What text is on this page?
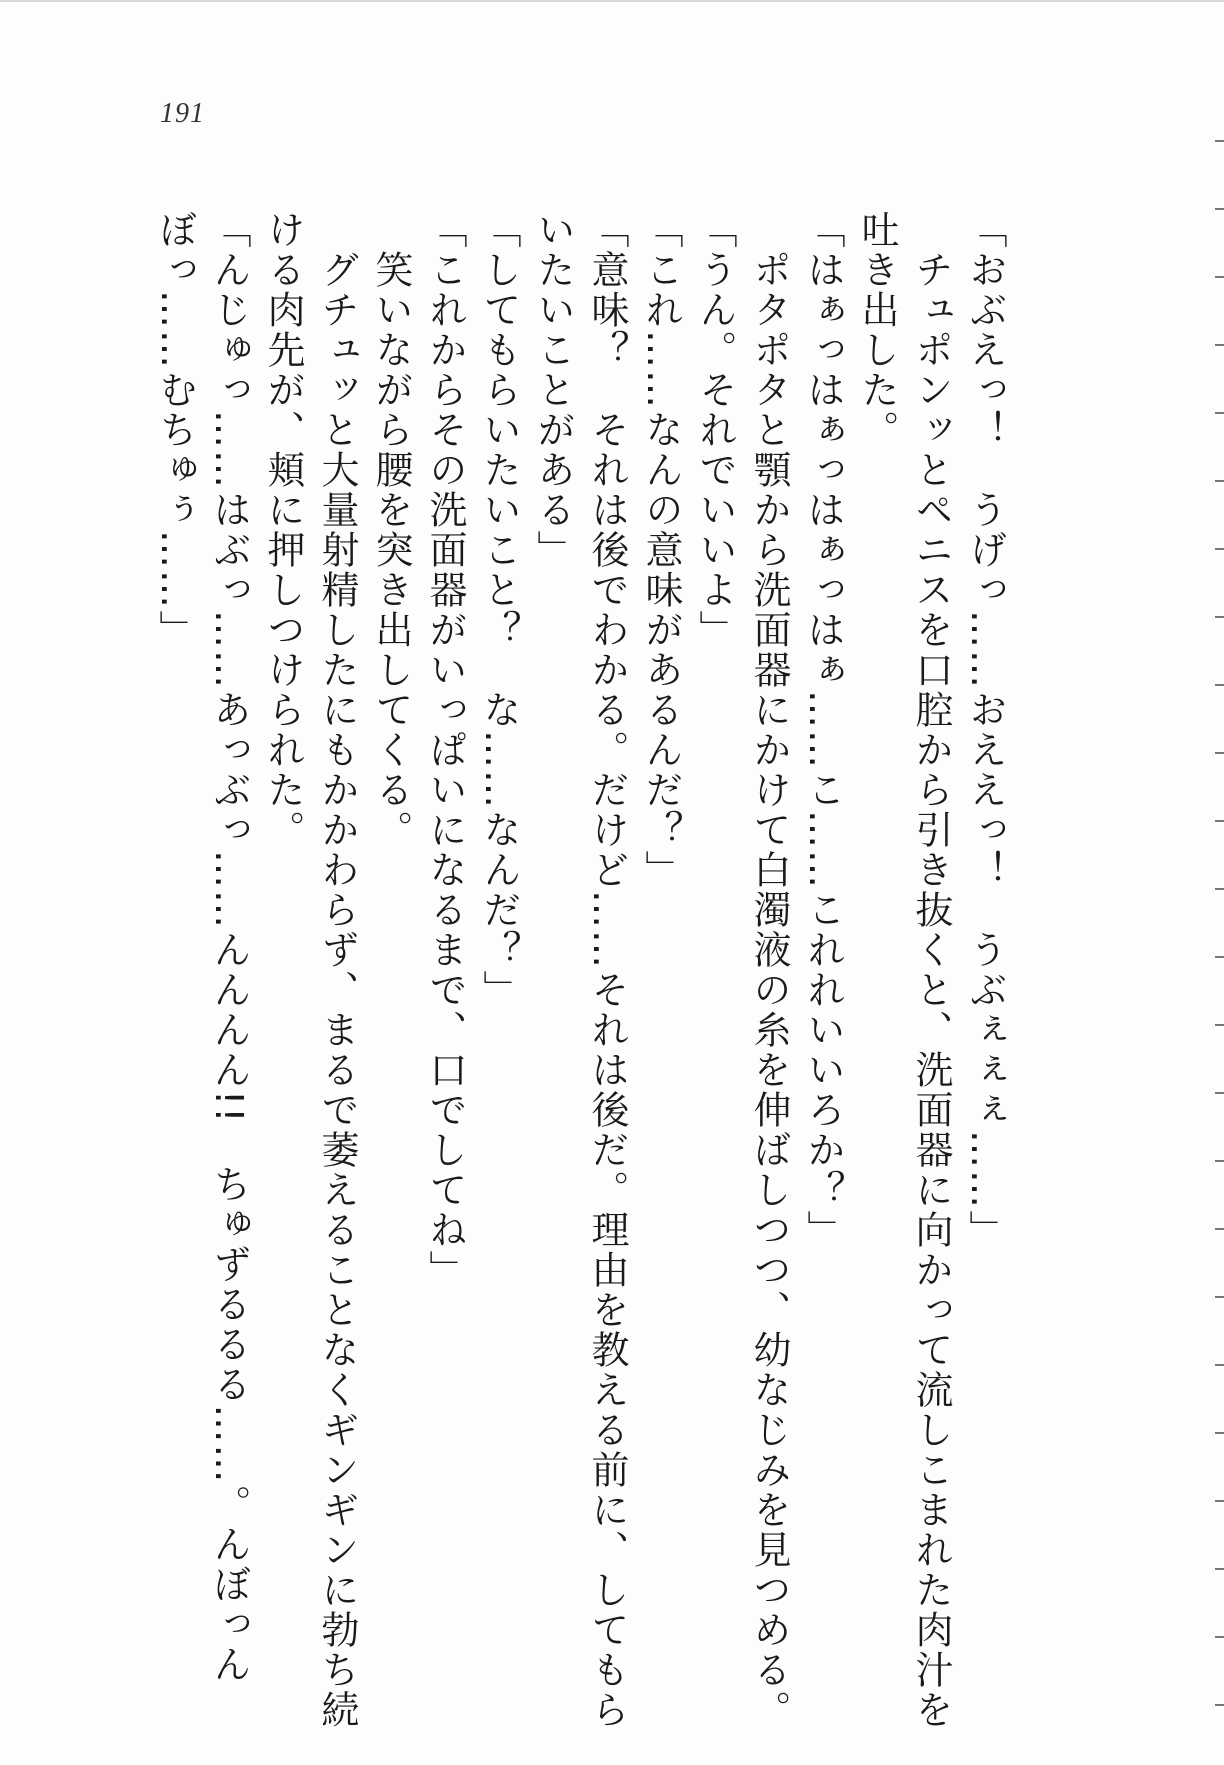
191
「おぶえっ！　うげっ……おええっ！　うぶぇぇぇ……」
　チュポンッとペニスを口腔から引き抜くと、洗面器に向かって流しこまれた肉汁を
吐き出した。
「はぁっはぁっはぁっはぁ……こ……これれいいろか？」
　ポタポタと顎から洗面器にかけて白濁液の糸を伸ばしつつ、幼なじみを見つめる。
「うん。それでいいよ」
「これ……なんの意味があるんだ？」
「意味？　それは後でわかる。だけど……それは後だ。理由を教える前に、してもら
いたいことがある」
「してもらいたいこと？　な……なんだ？」
「これからその洗面器がいっぱいになるまで、口でしてね」
　笑いながら腰を突き出してくる。
　グチュッと大量射精したにもかかわらず、まるで萎えることなくギンギンに勃ち続
ける肉先が、頬に押しつけられた。
「んじゅっ……はぶっ……あっぶっ……んんんん!!　ちゅずるるる……。んぼっん
ぼっ……むちゅぅ……」
